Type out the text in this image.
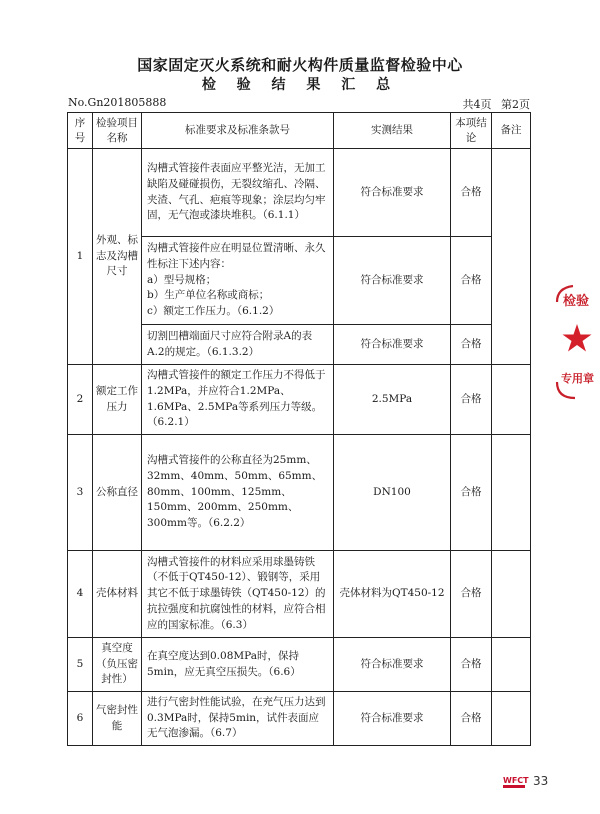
国家固定灭火系统和耐火构件质量监督检验中心
检 验 结 果 汇 总
No.Gn201805888	共4页 第2页
序号	检验项目名称	标准要求及标准条款号	实测结果	本项结论	备注
1	外观、标志及沟槽尺寸	沟槽式管接件表面应平整光洁，无加工缺陷及碰碰损伤，无裂纹缩孔、冷隔、夹渣、气孔、疤痕等现象；涂层均匀牢固，无气泡或漆块堆积。（6.1.1）	符合标准要求	合格	

		沟槽式管接件应在明显位置清晰、永久性标注下述内容：
a）型号规格；
b）生产单位名称或商标；
c）额定工作压力。（6.1.2）	符合标准要求	合格	

		切割凹槽端面尺寸应符合附录A的表A.2的规定。（6.1.3.2）	符合标准要求	合格	
2	额定工作压力	沟槽式管接件的额定工作压力不得低于1.2MPa，并应符合1.2MPa、1.6MPa、2.5MPa等系列压力等级。（6.2.1）	2.5MPa	合格	
3	公称直径	沟槽式管接件的公称直径为25mm、32mm、40mm、50mm、65mm、80mm、100mm、125mm、150mm、200mm、250mm、300mm等。（6.2.2）	DN100	合格	
4	壳体材料	沟槽式管接件的材料应采用球墨铸铁（不低于QT450-12）、锻钢等，采用其它不低于球墨铸铁（QT450-12）的抗拉强度和抗腐蚀性的材料，应符合相应的国家标准。（6.3）	壳体材料为QT450-12	合格	
5	真空度（负压密封性）	在真空度达到0.08MPa时，保持5min，应无真空压损失。（6.6）	符合标准要求	合格	
6	气密封性能	进行气密封性能试验，在充气压力达到0.3MPa时，保持5min，试件表面应无气泡渗漏。（6.7）	符合标准要求	合格	
检验
专用章
WFCT 33
